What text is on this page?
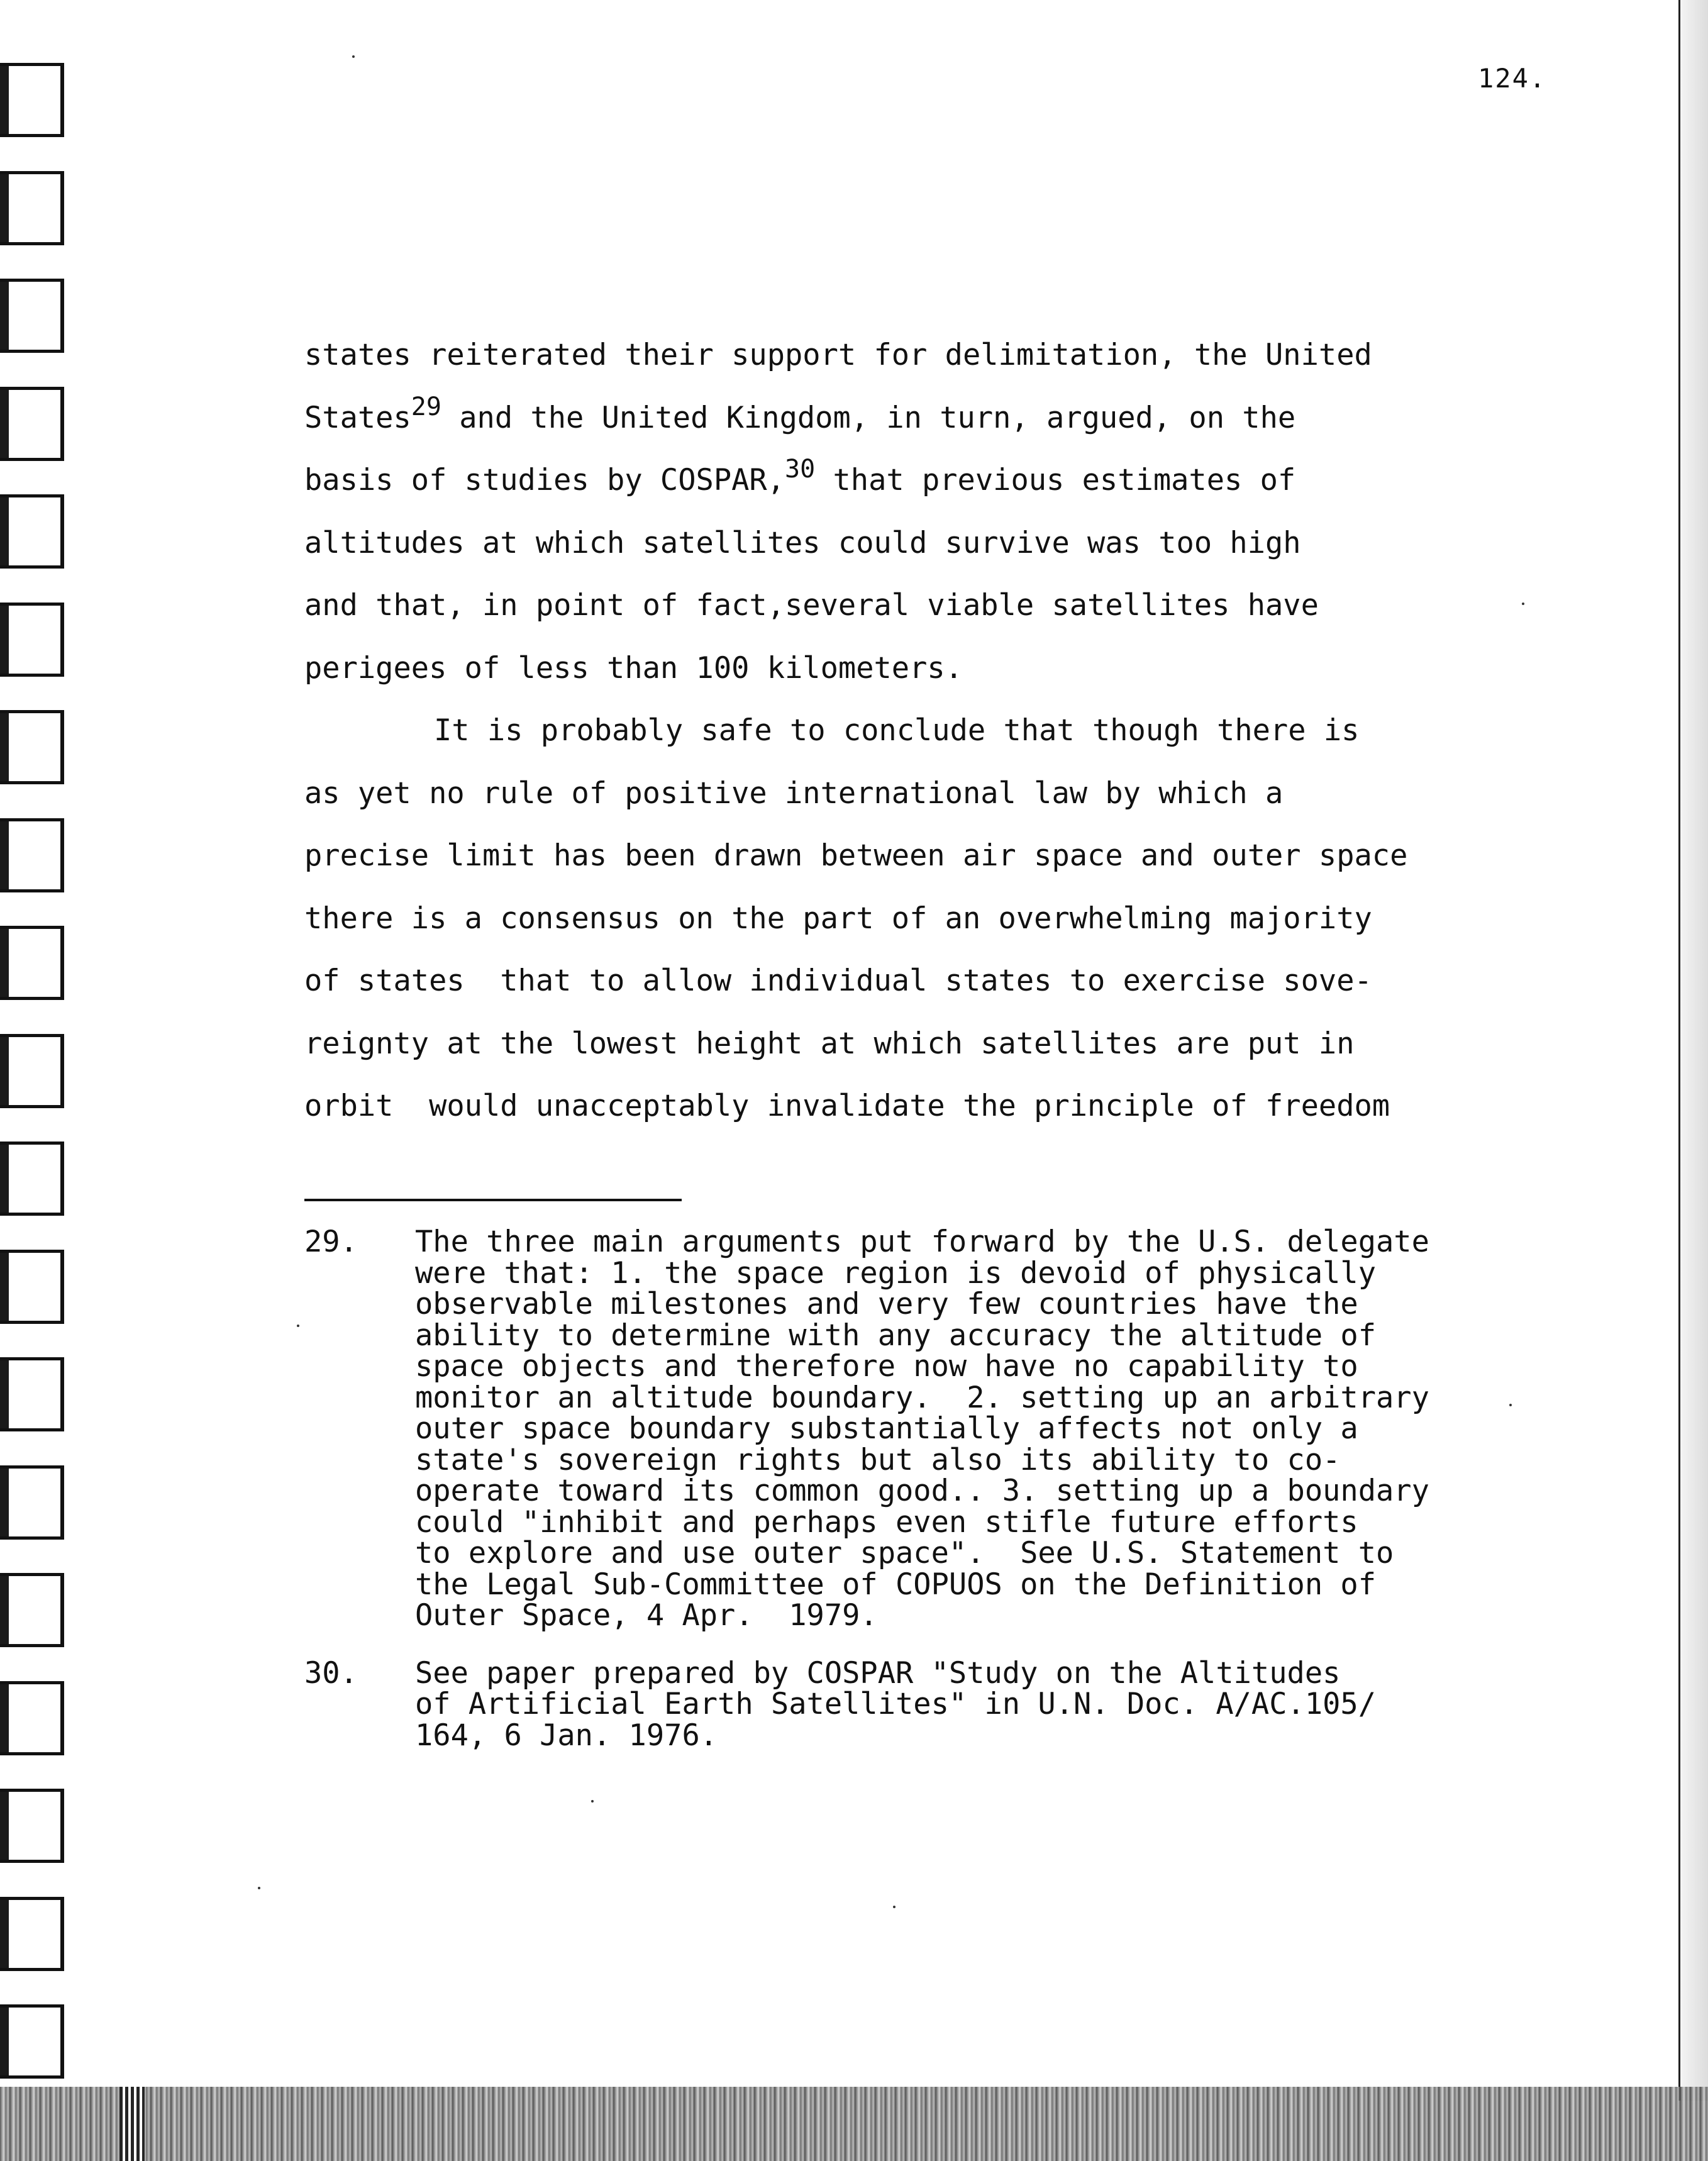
124.
states reiterated their support for delimitation, the United
States$^{29}$ and the United Kingdom, in turn, argued, on the
basis of studies by COSPAR,$^{30}$ that previous estimates of
altitudes at which satellites could survive was too high
and that, in point of fact,several viable satellites have
perigees of less than 100 kilometers.
It is probably safe to conclude that though there is
as yet no rule of positive international law by which a
precise limit has been drawn between air space and outer space
there is a consensus on the part of an overwhelming majority
of states  that to allow individual states to exercise sove-
reignty at the lowest height at which satellites are put in
orbit  would unacceptably invalidate the principle of freedom
29.	The three main arguments put forward by the U.S. delegate
were that: 1. the space region is devoid of physically
observable milestones and very few countries have the
ability to determine with any accuracy the altitude of
space objects and therefore now have no capability to
monitor an altitude boundary.  2. setting up an arbitrary
outer space boundary substantially affects not only a
state's sovereign rights but also its ability to co-
operate toward its common good.. 3. setting up a boundary
could "inhibit and perhaps even stifle future efforts
to explore and use outer space".  See U.S. Statement to
the Legal Sub-Committee of COPUOS on the Definition of
Outer Space, 4 Apr.  1979.
30.	See paper prepared by COSPAR "Study on the Altitudes
of Artificial Earth Satellites" in U.N. Doc. A/AC.105/
164, 6 Jan. 1976.
